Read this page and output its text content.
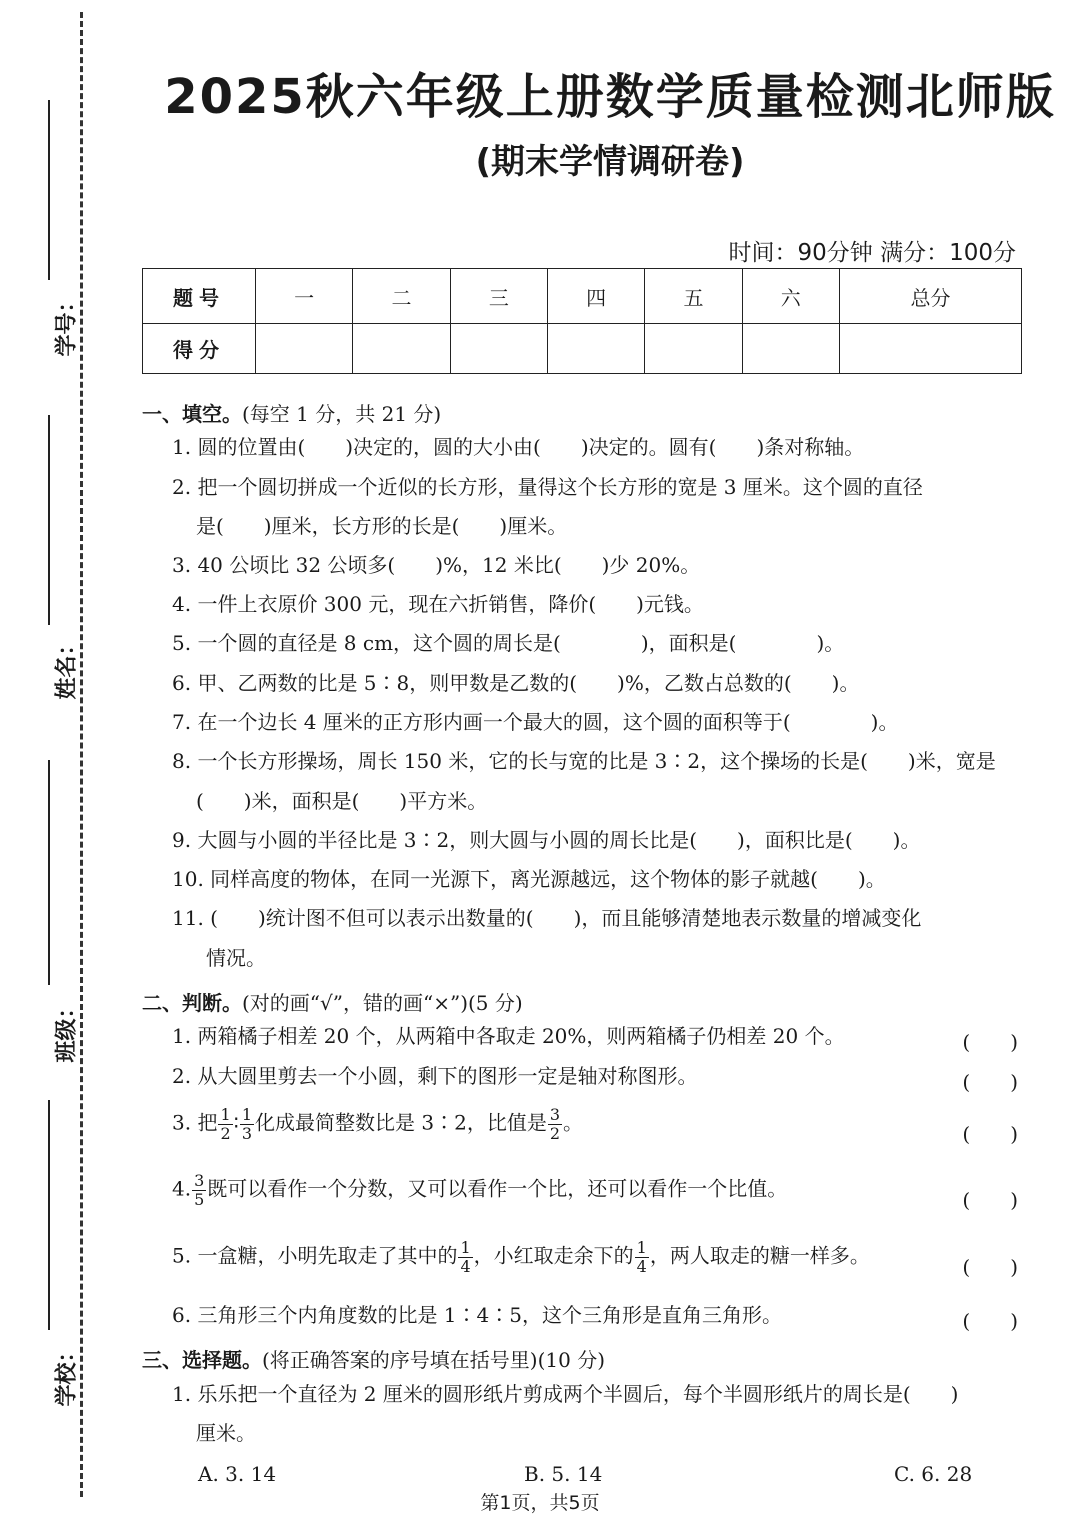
学号：
姓名：
班级：
学校：
2025秋六年级上册数学质量检测北师版
(期末学情调研卷)
时间：90分钟 满分：100分
题号	一	二	三	四	五	六	总分
得分							
一、填空。(每空 1 分，共 21 分)
1. 圆的位置由(　　)决定的，圆的大小由(　　)决定的。圆有(　　)条对称轴。
2. 把一个圆切拼成一个近似的长方形，量得这个长方形的宽是 3 厘米。这个圆的直径
是(　　)厘米，长方形的长是(　　)厘米。
3. 40 公顷比 32 公顷多(　　)%，12 米比(　　)少 20%。
4. 一件上衣原价 300 元，现在六折销售，降价(　　)元钱。
5. 一个圆的直径是 8 cm，这个圆的周长是(　　　　)，面积是(　　　　)。
6. 甲、乙两数的比是 5∶8，则甲数是乙数的(　　)%，乙数占总数的(　　)。
7. 在一个边长 4 厘米的正方形内画一个最大的圆，这个圆的面积等于(　　　　)。
8. 一个长方形操场，周长 150 米，它的长与宽的比是 3∶2，这个操场的长是(　　)米，宽是
(　　)米，面积是(　　)平方米。
9. 大圆与小圆的半径比是 3∶2，则大圆与小圆的周长比是(　　)，面积比是(　　)。
10. 同样高度的物体，在同一光源下，离光源越远，这个物体的影子就越(　　)。
11. (　　)统计图不但可以表示出数量的(　　)，而且能够清楚地表示数量的增减变化
情况。
二、判断。(对的画“√”，错的画“×”)(5 分)
1. 两箱橘子相差 20 个，从两箱中各取走 20%，则两箱橘子仍相差 20 个。	(　　)
2. 从大圆里剪去一个小圆，剩下的图形一定是轴对称图形。	(　　)
3. 把 $\frac{1}{2}$ ∶ $\frac{1}{3}$ 化成最简整数比是 3∶2，比值是 $\frac{3}{2}$ 。	(　　)
4. $\frac{3}{5}$ 既可以看作一个分数，又可以看作一个比，还可以看作一个比值。	(　　)
5. 一盒糖，小明先取走了其中的 $\frac{1}{4}$ ，小红取走余下的 $\frac{1}{4}$ ，两人取走的糖一样多。	(　　)
6. 三角形三个内角度数的比是 1∶4∶5，这个三角形是直角三角形。	(　　)
三、选择题。(将正确答案的序号填在括号里)(10 分)
1. 乐乐把一个直径为 2 厘米的圆形纸片剪成两个半圆后，每个半圆形纸片的周长是(　　)
厘米。
A. 3. 14	B. 5. 14	C. 6. 28
第1页，共5页
